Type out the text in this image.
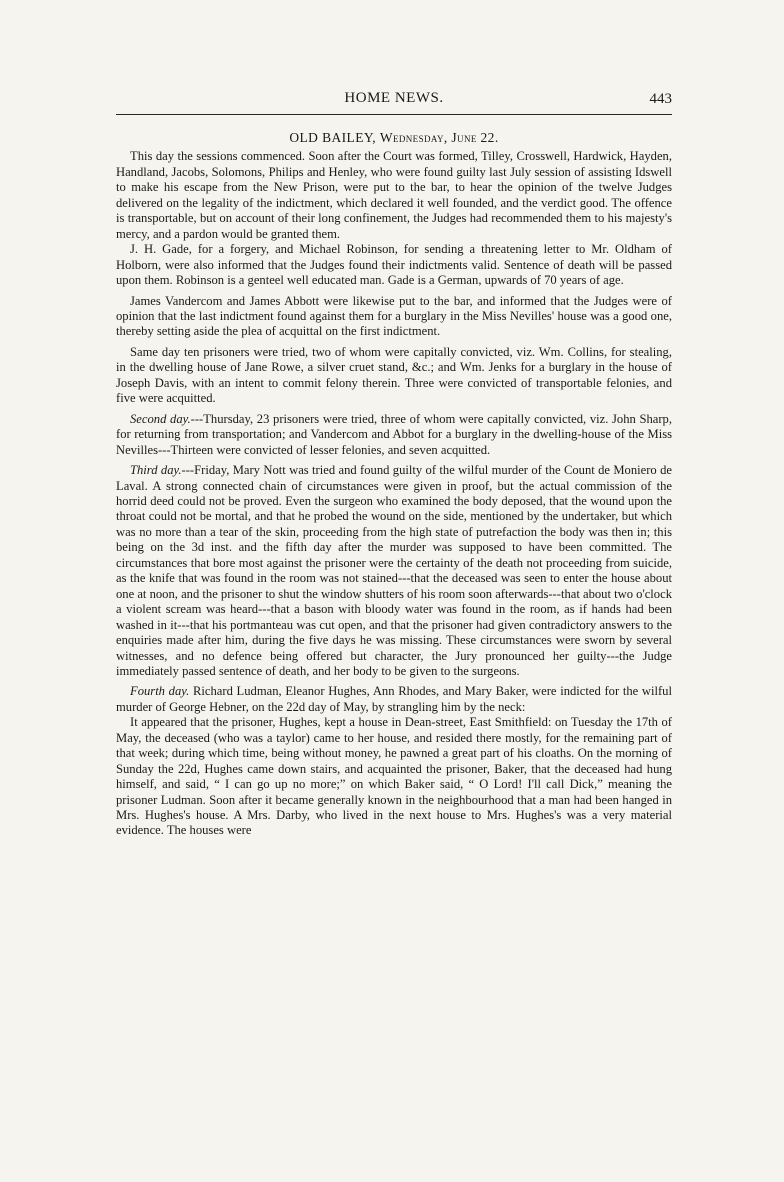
HOME NEWS.	443
OLD BAILEY, Wednesday, June 22.

This day the sessions commenced. Soon after the Court was formed, Tilley, Crosswell, Hardwick, Hayden, Handland, Jacobs, Solomons, Philips and Henley, who were found guilty last July session of assisting Idswell to make his escape from the New Prison, were put to the bar, to hear the opinion of the twelve Judges delivered on the legality of the indictment, which declared it well founded, and the verdict good. The offence is transportable, but on account of their long confinement, the Judges had recommended them to his majesty's mercy, and a pardon would be granted them.

J. H. Gade, for a forgery, and Michael Robinson, for sending a threatening letter to Mr. Oldham of Holborn, were also informed that the Judges found their indictments valid. Sentence of death will be passed upon them. Robinson is a genteel well educated man. Gade is a German, upwards of 70 years of age.

James Vandercom and James Abbott were likewise put to the bar, and informed that the Judges were of opinion that the last indictment found against them for a burglary in the Miss Nevilles' house was a good one, thereby setting aside the plea of acquittal on the first indictment.

Same day ten prisoners were tried, two of whom were capitally convicted, viz. Wm. Collins, for stealing, in the dwelling house of Jane Rowe, a silver cruet stand, &c.; and Wm. Jenks for a burglary in the house of Joseph Davis, with an intent to commit felony therein. Three were convicted of transportable felonies, and five were acquitted.

Second day.---Thursday, 23 prisoners were tried, three of whom were capitally convicted, viz. John Sharp, for returning from transportation; and Vandercom and Abbot for a burglary in the dwelling-house of the Miss Nevilles---Thirteen were convicted of lesser felonies, and seven acquitted.

Third day.---Friday, Mary Nott was tried and found guilty of the wilful murder of the Count de Moniero de Laval. A strong connected chain of circumstances were given in proof, but the actual commission of the horrid deed could not be proved. Even the surgeon who examined the body deposed, that the wound upon the throat could not be mortal, and that he probed the wound on the side, mentioned by the undertaker, but which was no more than a tear of the skin, proceeding from the high state of putrefaction the body was then in; this being on the 3d inst. and the fifth day after the murder was supposed to have been committed. The circumstances that bore most against the prisoner were the certainty of the death not proceeding from suicide, as the knife that was found in the room was not stained---that the deceased was seen to enter the house about one at noon, and the prisoner to shut the window shutters of his room soon afterwards---that about two o'clock a violent scream was heard---that a bason with bloody water was found in the room, as if hands had been washed in it---that his portmanteau was cut open, and that the prisoner had given contradictory answers to the enquiries made after him, during the five days he was missing. These circumstances were sworn by several witnesses, and no defence being offered but character, the Jury pronounced her guilty---the Judge immediately passed sentence of death, and her body to be given to the surgeons.

Fourth day. Richard Ludman, Eleanor Hughes, Ann Rhodes, and Mary Baker, were indicted for the wilful murder of George Hebner, on the 22d day of May, by strangling him by the neck:

It appeared that the prisoner, Hughes, kept a house in Dean-street, East Smithfield: on Tuesday the 17th of May, the deceased (who was a taylor) came to her house, and resided there mostly, for the remaining part of that week; during which time, being without money, he pawned a great part of his cloaths. On the morning of Sunday the 22d, Hughes came down stairs, and acquainted the prisoner, Baker, that the deceased had hung himself, and said, “ I can go up no more;” on which Baker said, “ O Lord! I'll call Dick,” meaning the prisoner Ludman. Soon after it became generally known in the neighbourhood that a man had been hanged in Mrs. Hughes's house. A Mrs. Darby, who lived in the next house to Mrs. Hughes's was a very material evidence. The houses were
